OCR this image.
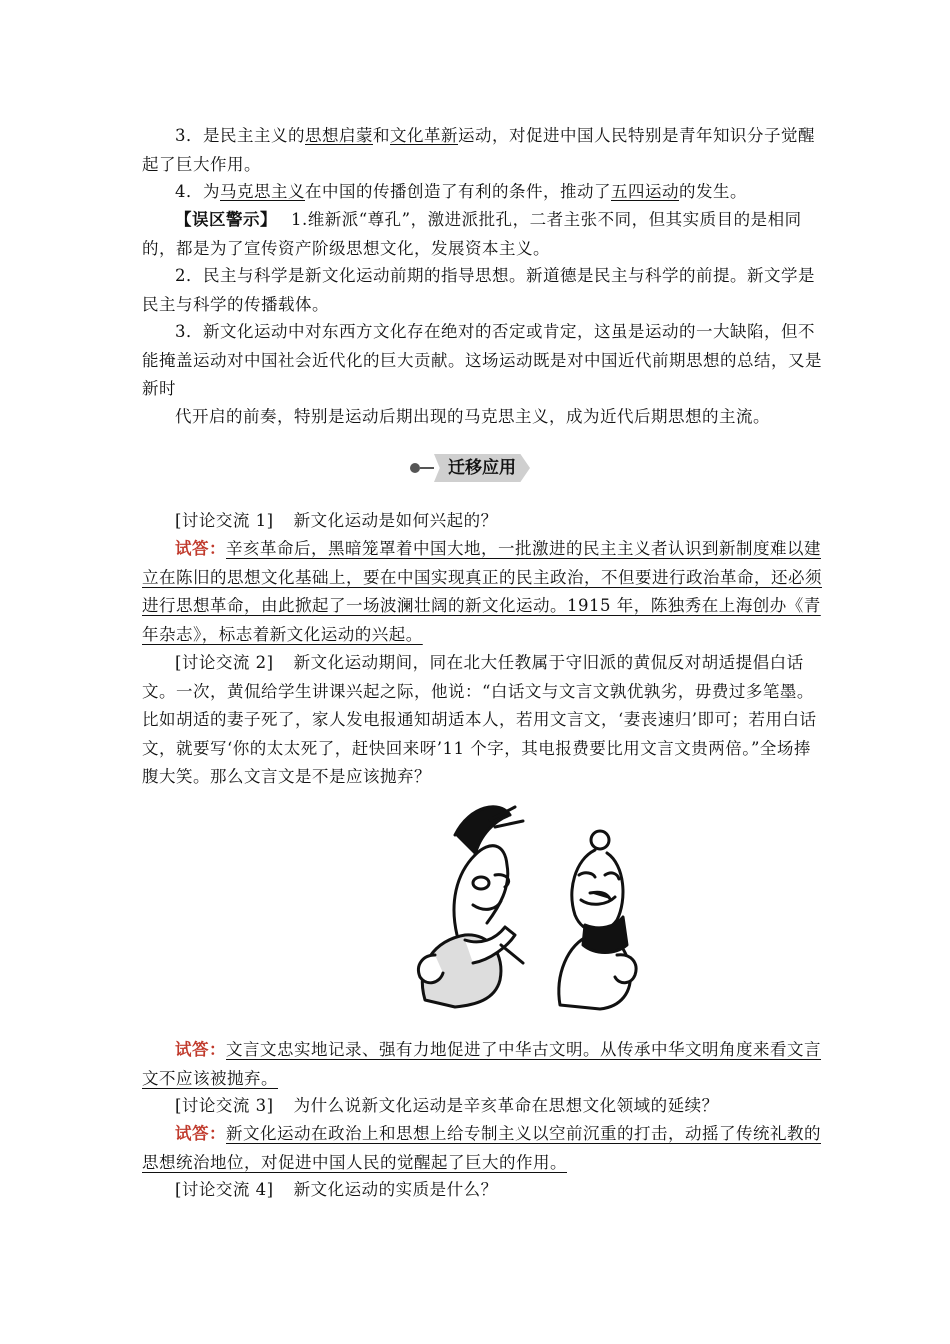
3．是民主主义的思想启蒙和文化革新运动，对促进中国人民特别是青年知识分子觉醒起了巨大作用。

4．为马克思主义在中国的传播创造了有利的条件，推动了五四运动的发生。

【误区警示】 1.维新派“尊孔”，激进派批孔，二者主张不同，但其实质目的是相同的，都是为了宣传资产阶级思想文化，发展资本主义。

2．民主与科学是新文化运动前期的指导思想。新道德是民主与科学的前提。新文学是民主与科学的传播载体。

3．新文化运动中对东西方文化存在绝对的否定或肯定，这虽是运动的一大缺陷，但不能掩盖运动对中国社会近代化的巨大贡献。这场运动既是对中国近代前期思想的总结，又是新时

代开启的前奏，特别是运动后期出现的马克思主义，成为近代后期思想的主流。

迁移应用

[讨论交流 1] 新文化运动是如何兴起的？

试答：辛亥革命后，黑暗笼罩着中国大地，一批激进的民主主义者认识到新制度难以建立在陈旧的思想文化基础上，要在中国实现真正的民主政治，不但要进行政治革命，还必须进行思想革命，由此掀起了一场波澜壮阔的新文化运动。1915 年，陈独秀在上海创办《青年杂志》，标志着新文化运动的兴起。

[讨论交流 2] 新文化运动期间，同在北大任教属于守旧派的黄侃反对胡适提倡白话文。一次，黄侃给学生讲课兴起之际，他说：“白话文与文言文孰优孰劣，毋费过多笔墨。比如胡适的妻子死了，家人发电报通知胡适本人，若用文言文，‘妻丧速归’即可；若用白话文，就要写‘你的太太死了，赶快回来呀’11 个字，其电报费要比用文言文贵两倍。”全场捧腹大笑。那么文言文是不是应该抛弃？

试答：文言文忠实地记录、强有力地促进了中华古文明。从传承中华文明角度来看文言文不应该被抛弃。

[讨论交流 3] 为什么说新文化运动是辛亥革命在思想文化领域的延续？

试答：新文化运动在政治上和思想上给专制主义以空前沉重的打击，动摇了传统礼教的思想统治地位，对促进中国人民的觉醒起了巨大的作用。

[讨论交流 4] 新文化运动的实质是什么？
